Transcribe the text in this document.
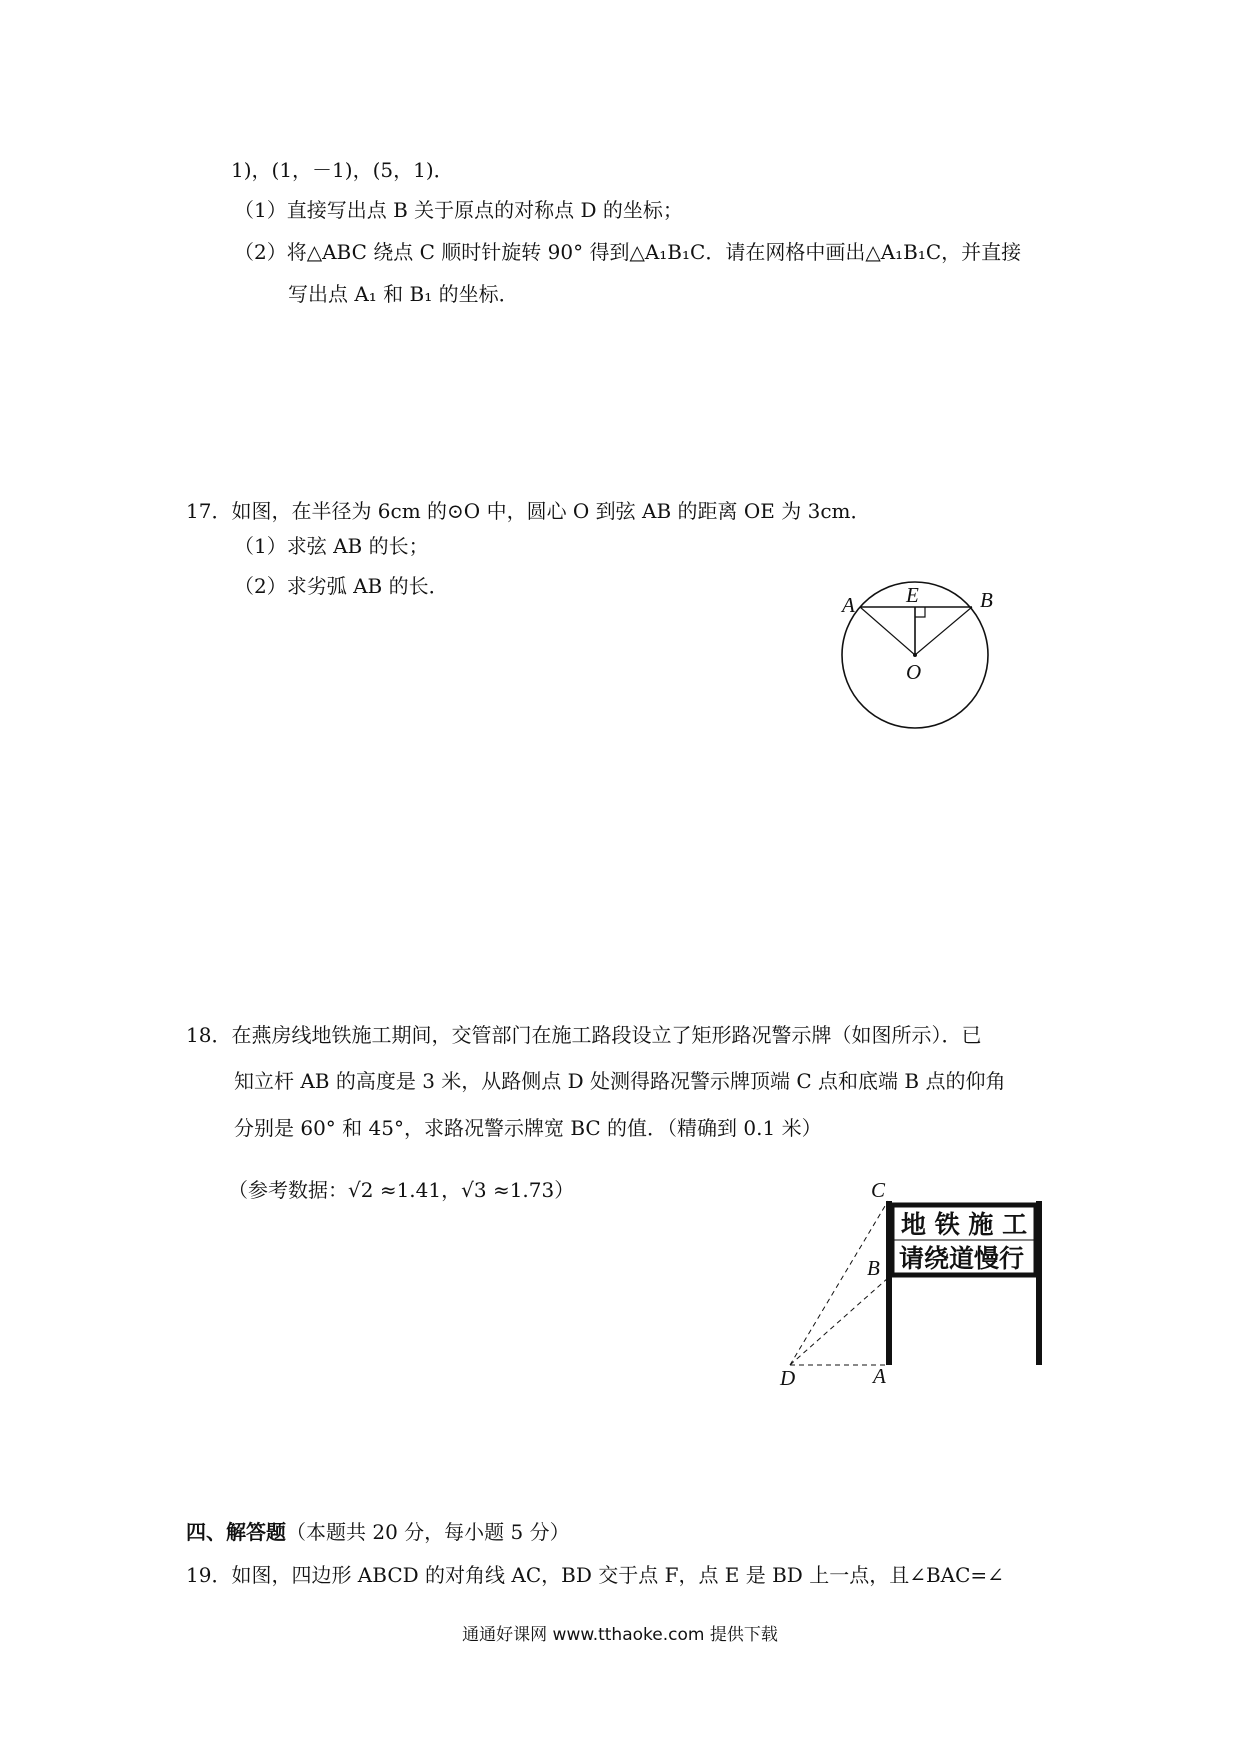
1)，(1，－1)，(5，1)．
（1）直接写出点 B 关于原点的对称点 D 的坐标；
（2）将△ABC 绕点 C 顺时针旋转 90° 得到△A₁B₁C．请在网格中画出△A₁B₁C，并直接
写出点 A₁ 和 B₁ 的坐标．
17．如图，在半径为 6cm 的⊙O 中，圆心 O 到弦 AB 的距离 OE 为 3cm．
（1）求弦 AB 的长；
（2）求劣弧 AB 的长．
A E	B
O
18．在燕房线地铁施工期间，交管部门在施工路段设立了矩形路况警示牌（如图所示）．已
知立杆 AB 的高度是 3 米，从路侧点 D 处测得路况警示牌顶端 C 点和底端 B 点的仰角
分别是 60° 和 45°，求路况警示牌宽 BC 的值．（精确到 0.1 米）
（参考数据：√2 ≈1.41，√3 ≈1.73）
地 铁 施 工
请绕道慢行
C
B
D	A
四、解答题（本题共 20 分，每小题 5 分）
19．如图，四边形 ABCD 的对角线 AC，BD 交于点 F，点 E 是 BD 上一点，且∠BAC=∠
通通好课网 www.tthaoke.com 提供下载
